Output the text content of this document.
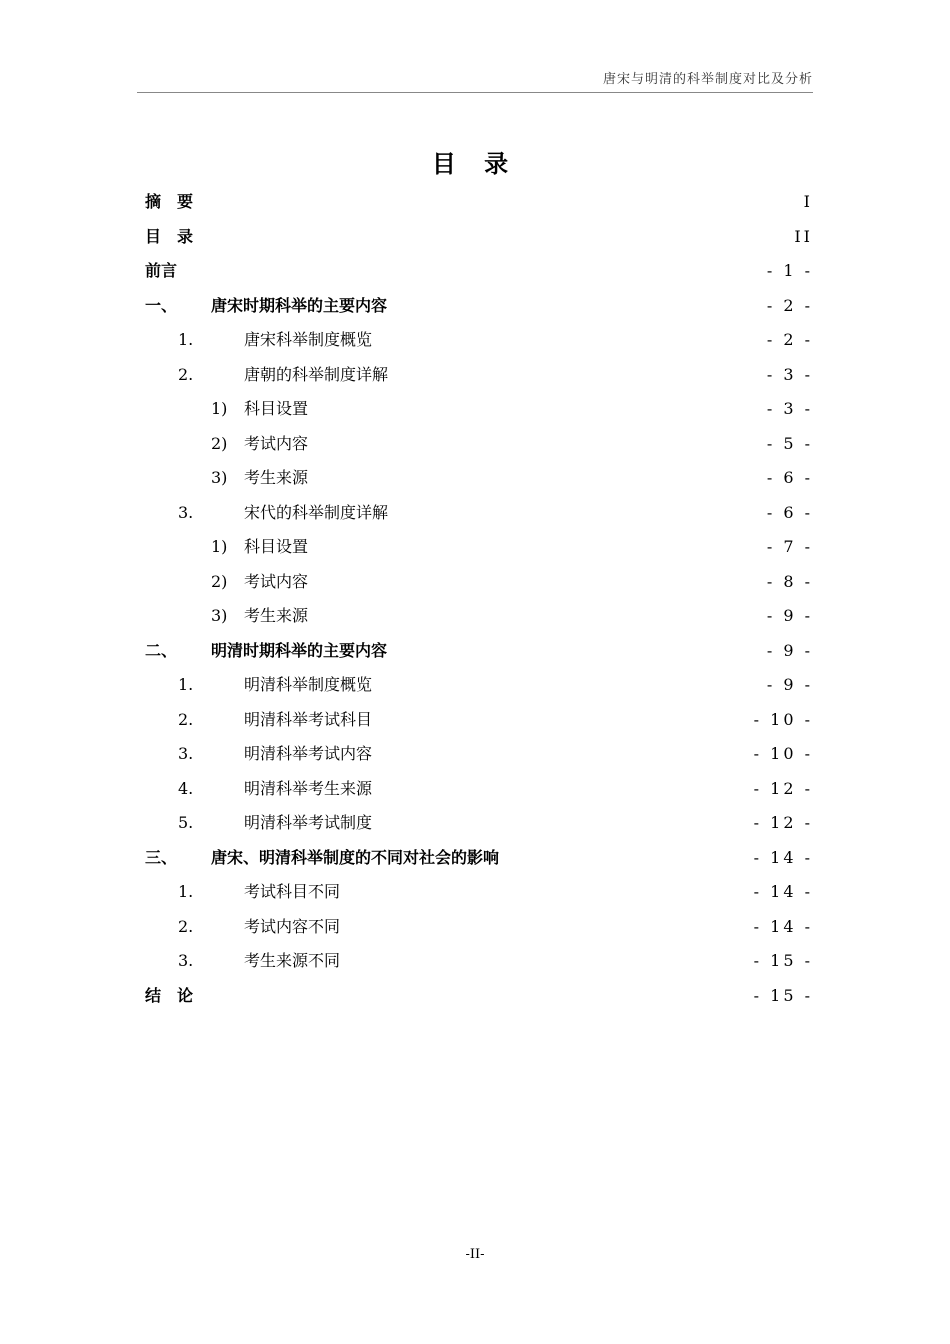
唐宋与明清的科举制度对比及分析
目 录
摘要	I
目录	II
前言	- 1 -
一、	唐宋时期科举的主要内容	- 2 -
1.	唐宋科举制度概览	- 2 -
2.	唐朝的科举制度详解	- 3 -
1)	科目设置	- 3 -
2)	考试内容	- 5 -
3)	考生来源	- 6 -
3.	宋代的科举制度详解	- 6 -
1)	科目设置	- 7 -
2)	考试内容	- 8 -
3)	考生来源	- 9 -
二、	明清时期科举的主要内容	- 9 -
1.	明清科举制度概览	- 9 -
2.	明清科举考试科目	- 10 -
3.	明清科举考试内容	- 10 -
4.	明清科举考生来源	- 12 -
5.	明清科举考试制度	- 12 -
三、	唐宋、明清科举制度的不同对社会的影响	- 14 -
1.	考试科目不同	- 14 -
2.	考试内容不同	- 14 -
3.	考生来源不同	- 15 -
结论	- 15 -
-II-
